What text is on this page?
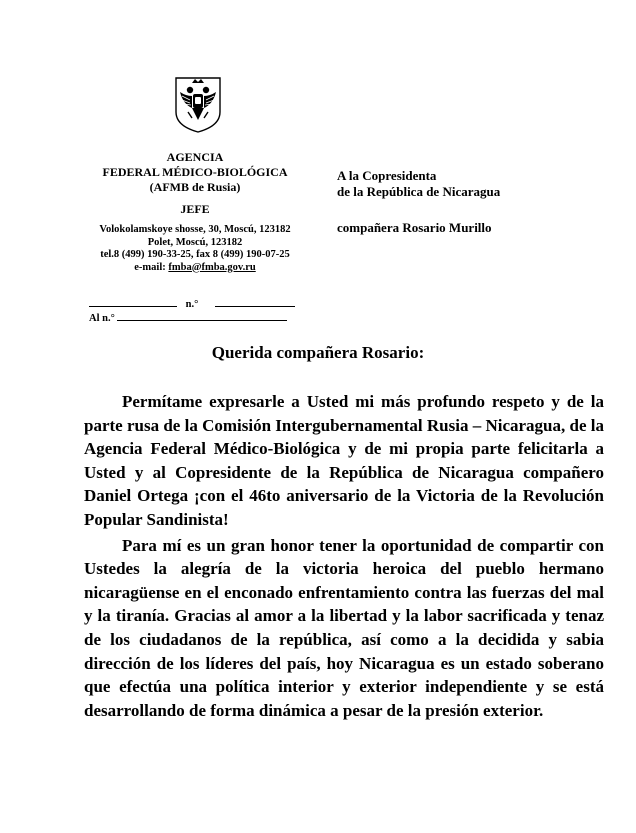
AGENCIA
FEDERAL MÉDICO-BIOLÓGICA
(AFMB de Rusia)
JEFE
Volokolamskoye shosse, 30, Moscú, 123182
Polet, Moscú, 123182
tel.8 (499) 190-33-25, fax 8 (499) 190-07-25
e-mail: fmba@fmba.gov.ru
n.°
Al n.°
A la Copresidenta
de la República de Nicaragua
compañera Rosario Murillo
Querida compañera Rosario:

Permítame expresarle a Usted mi más profundo respeto y de la parte rusa de la Comisión Intergubernamental Rusia – Nicaragua, de la Agencia Federal Médico-Biológica y de mi propia parte felicitarla a Usted y al Copresidente de la República de Nicaragua compañero Daniel Ortega ¡con el 46to aniversario de la Victoria de la Revolución Popular Sandinista!

Para mí es un gran honor tener la oportunidad de compartir con Ustedes la alegría de la victoria heroica del pueblo hermano nicaragüense en el enconado enfrentamiento contra las fuerzas del mal y la tiranía. Gracias al amor a la libertad y la labor sacrificada y tenaz de los ciudadanos de la república, así como a la decidida y sabia dirección de los líderes del país, hoy Nicaragua es un estado soberano que efectúa una política interior y exterior independiente y se está desarrollando de forma dinámica a pesar de la presión exterior.
